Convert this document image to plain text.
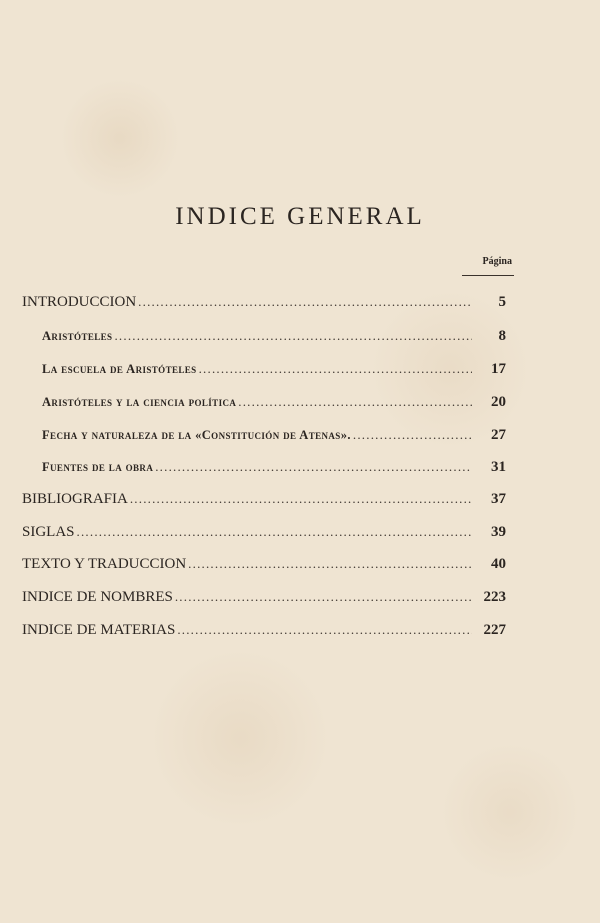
INDICE GENERAL
Página
INTRODUCCION .....	5
Aristóteles .....	8
La escuela de Aristóteles .....	17
Aristóteles y la ciencia política .....	20
Fecha y naturaleza de la «Constitución de Atenas». .....	27
Fuentes de la obra .....	31
BIBLIOGRAFIA .....	37
SIGLAS .....	39
TEXTO Y TRADUCCION .....	40
INDICE DE NOMBRES .....	223
INDICE DE MATERIAS .....	227
